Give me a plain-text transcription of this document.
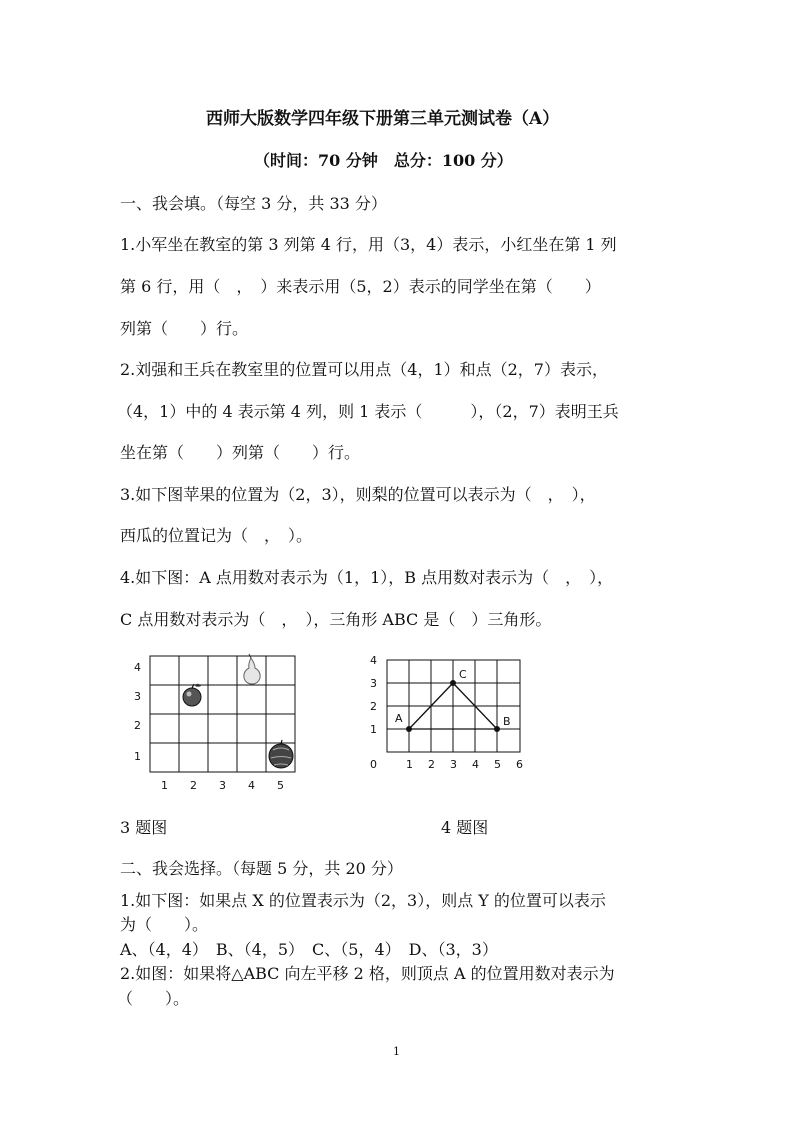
西师大版数学四年级下册第三单元测试卷（A）
（时间：70 分钟　总分：100 分）
一、我会填。（每空 3 分，共 33 分）
1.小军坐在教室的第 3 列第 4 行，用（3，4）表示，小红坐在第 1 列
第 6 行，用（　，　）来表示用（5，2）表示的同学坐在第（　　）
列第（　　）行。
2.刘强和王兵在教室里的位置可以用点（4，1）和点（2，7）表示，
（4，1）中的 4 表示第 4 列，则 1 表示（　　　），（2，7）表明王兵
坐在第（　　）列第（　　）行。
3.如下图苹果的位置为（2，3），则梨的位置可以表示为（　，　），
西瓜的位置记为（　，　）。
4.如下图：A 点用数对表示为（1，1），B 点用数对表示为（　，　），
C 点用数对表示为（　，　），三角形 ABC 是（　）三角形。
4
3
2
1
1 2 3 4 5
4
3
2
1
0	1 2 3 4 5 6
A	B
C
3 题图	4 题图
二、我会选择。（每题 5 分，共 20 分）
1.如下图：如果点 X 的位置表示为（2，3），则点 Y 的位置可以表示
为（　　）。
A、（4，4）　B、（4，5）　C、（5，4）　D、（3，3）
2.如图：如果将△ABC 向左平移 2 格，则顶点 A 的位置用数对表示为
（　　）。
1
